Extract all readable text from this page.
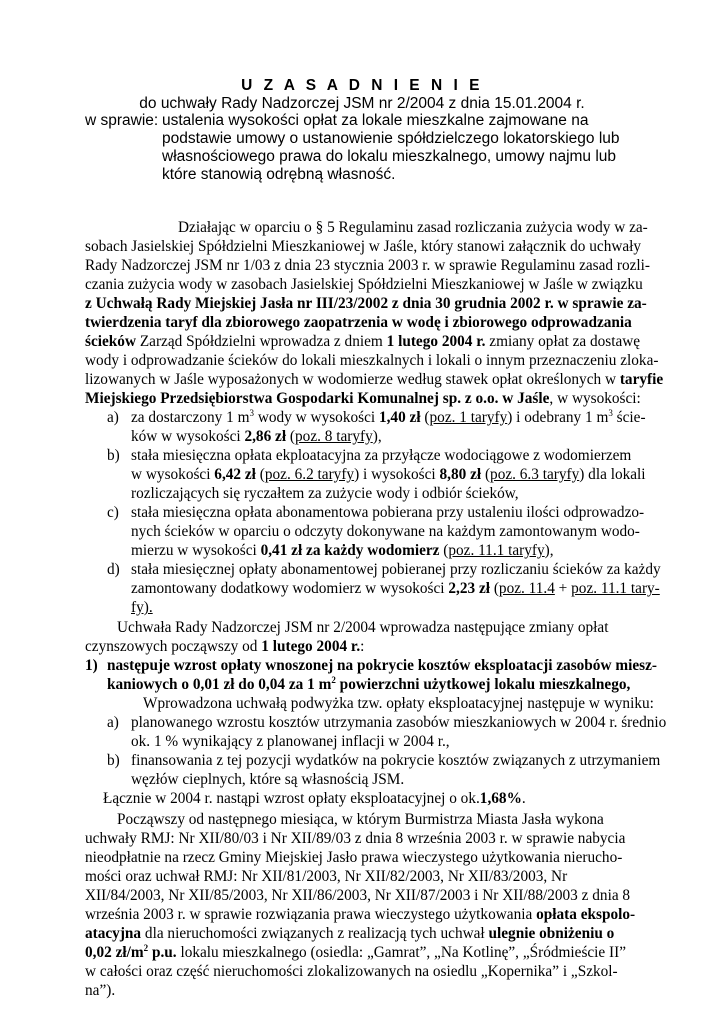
U Z A S A D N I E N I E
do uchwały Rady Nadzorczej JSM nr 2/2004 z dnia 15.01.2004 r.
w sprawie: ustalenia wysokości opłat za lokale mieszkalne zajmowane na podstawie umowy o ustanowienie spółdzielczego lokatorskiego lub własnościowego prawa do lokalu mieszkalnego, umowy najmu lub które stanowią odrębną własność.
Działając w oparciu o § 5 Regulaminu zasad rozliczania zużycia wody w za-
sobach Jasielskiej Spółdzielni Mieszkaniowej w Jaśle, który stanowi załącznik do uchwały
Rady Nadzorczej JSM nr 1/03 z dnia 23 stycznia 2003 r. w sprawie Regulaminu zasad rozli-
czania zużycia wody w zasobach Jasielskiej Spółdzielni Mieszkaniowej w Jaśle w związku
z Uchwałą Rady Miejskiej Jasła nr III/23/2002 z dnia 30 grudnia 2002 r. w sprawie za-
twierdzenia taryf dla zbiorowego zaopatrzenia w wodę i zbiorowego odprowadzania
ścieków Zarząd Spółdzielni wprowadza z dniem 1 lutego 2004 r. zmiany opłat za dostawę
wody i odprowadzanie ścieków do lokali mieszkalnych i lokali o innym przeznaczeniu zloka-
lizowanych w Jaśle wyposażonych w wodomierze według stawek opłat określonych w taryfie
Miejskiego Przedsiębiorstwa Gospodarki Komunalnej sp. z o.o. w Jaśle, w wysokości:
a) za dostarczony 1 $m^3$ wody w wysokości 1,40 zł (poz. 1 taryfy) i odebrany 1 $m^3$ ście-
ków w wysokości 2,86 zł (poz. 8 taryfy),
b) stała miesięczna opłata ekploatacyjna za przyłącze wodociągowe z wodomierzem
w wysokości 6,42 zł (poz. 6.2 taryfy) i wysokości 8,80 zł (poz. 6.3 taryfy) dla lokali
rozliczających się ryczałtem za zużycie wody i odbiór ścieków,
c) stała miesięczna opłata abonamentowa pobierana przy ustaleniu ilości odprowadzo-
nych ścieków w oparciu o odczyty dokonywane na każdym zamontowanym wodo-
mierzu w wysokości 0,41 zł za każdy wodomierz (poz. 11.1 taryfy),
d) stała miesięcznej opłaty abonamentowej pobieranej przy rozliczaniu ścieków za każdy
zamontowany dodatkowy wodomierz w wysokości 2,23 zł (poz. 11.4 + poz. 11.1 tary-
fy).
Uchwała Rady Nadzorczej JSM nr 2/2004 wprowadza następujące zmiany opłat
czynszowych począwszy od 1 lutego 2004 r.:
1) następuje wzrost opłaty wnoszonej na pokrycie kosztów eksploatacji zasobów miesz-
kaniowych o 0,01 zł do 0,04 za 1 $m^2$ powierzchni użytkowej lokalu mieszkalnego,
Wprowadzona uchwałą podwyżka tzw. opłaty eksploatacyjnej następuje w wyniku:
a) planowanego wzrostu kosztów utrzymania zasobów mieszkaniowych w 2004 r. średnio
ok. 1 % wynikający z planowanej inflacji w 2004 r.,
b) finansowania z tej pozycji wydatków na pokrycie kosztów związanych z utrzymaniem
węzłów cieplnych, które są własnością JSM.
Łącznie w 2004 r. nastąpi wzrost opłaty eksploatacyjnej o ok.1,68%.
Począwszy od następnego miesiąca, w którym Burmistrza Miasta Jasła wykona
uchwały RMJ: Nr XII/80/03 i Nr XII/89/03 z dnia 8 września 2003 r. w sprawie nabycia
nieodpłatnie na rzecz Gminy Miejskiej Jasło prawa wieczystego użytkowania nierucho-
mości oraz uchwał RMJ: Nr XII/81/2003, Nr XII/82/2003, Nr XII/83/2003, Nr
XII/84/2003, Nr XII/85/2003, Nr XII/86/2003, Nr XII/87/2003 i Nr XII/88/2003 z dnia 8
września 2003 r. w sprawie rozwiązania prawa wieczystego użytkowania opłata ekspolo-
atacyjna dla nieruchomości związanych z realizacją tych uchwał ulegnie obniżeniu o
0,02 $zł/m^2$ p.u. lokalu mieszkalnego (osiedla: „Gamrat”, „Na Kotlinę”, „Śródmieście II”
w całości oraz część nieruchomości zlokalizowanych na osiedlu „Kopernika” i „Szkol-
na”).
